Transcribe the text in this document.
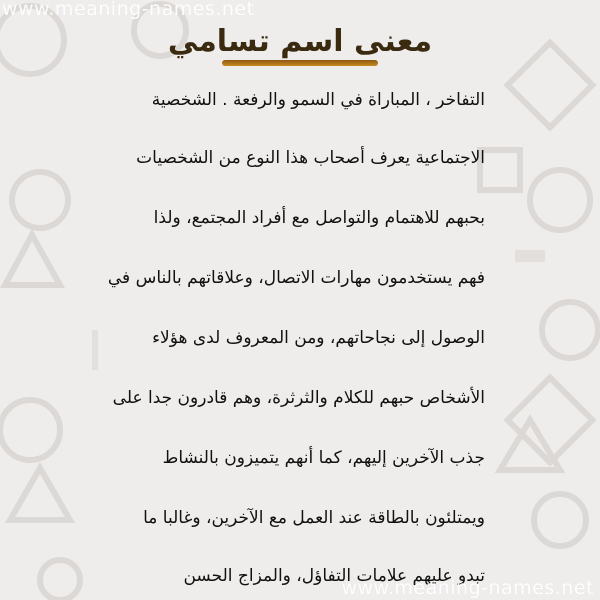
www.meaning-names.net
معنى اسم تسامي
التفاخر ، المباراة في السمو والرفعة . الشخصية
الاجتماعية يعرف أصحاب هذا النوع من الشخصيات
بحبهم للاهتمام والتواصل مع أفراد المجتمع، ولذا
فهم يستخدمون مهارات الاتصال، وعلاقاتهم بالناس في
الوصول إلى نجاحاتهم، ومن المعروف لدى هؤلاء
الأشخاص حبهم للكلام والثرثرة، وهم قادرون جدا على
جذب الآخرين إليهم، كما أنهم يتميزون بالنشاط
ويمتلئون بالطاقة عند العمل مع الآخرين، وغالبا ما
تبدو عليهم علامات التفاؤل، والمزاج الحسن
www.meaning-names.net
